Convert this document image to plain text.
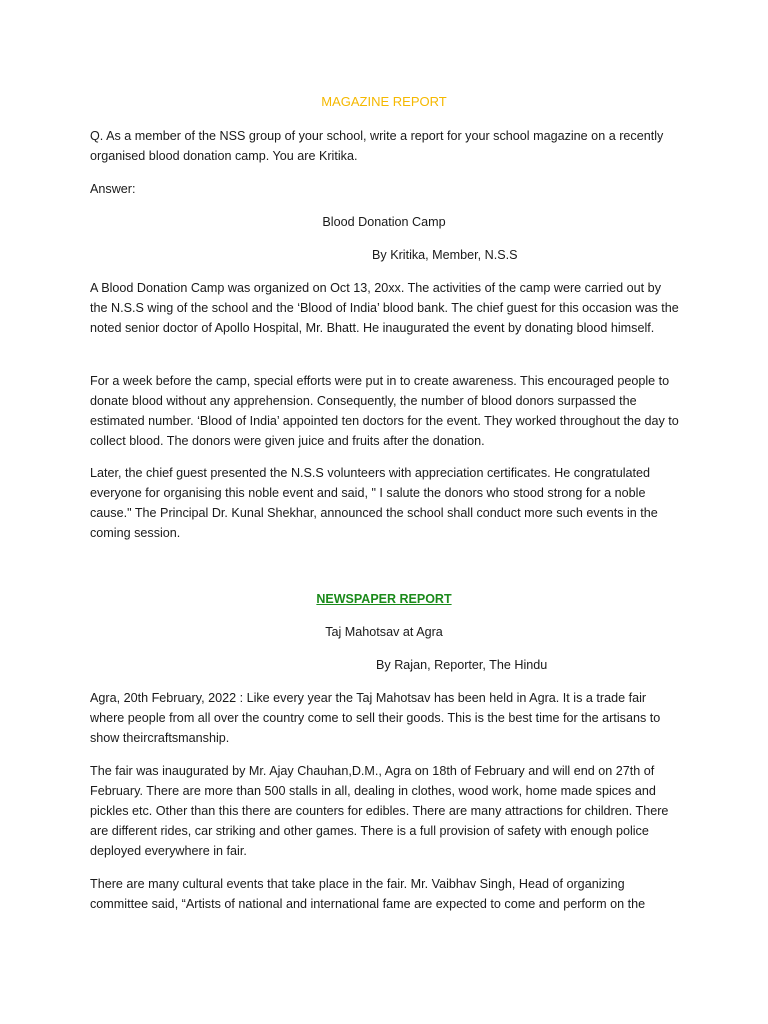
MAGAZINE REPORT

Q. As a member of the NSS group of your school, write a report for your school magazine on a recently organised blood donation camp. You are Kritika.

Answer:

Blood Donation Camp

By Kritika, Member, N.S.S

A Blood Donation Camp was organized on Oct 13, 20xx. The activities of the camp were carried out by the N.S.S wing of the school and the ‘Blood of India’ blood bank. The chief guest for this occasion was the noted senior doctor of Apollo Hospital, Mr. Bhatt. He inaugurated the event by donating blood himself.

For a week before the camp, special efforts were put in to create awareness. This encouraged people to donate blood without any apprehension. Consequently, the number of blood donors surpassed the estimated number. ‘Blood of India’ appointed ten doctors for the event. They worked throughout the day to collect blood. The donors were given juice and fruits after the donation.

Later, the chief guest presented the N.S.S volunteers with appreciation certificates. He congratulated everyone for organising this noble event and said, " I salute the donors who stood strong for a noble cause." The Principal Dr. Kunal Shekhar, announced the school shall conduct more such events in the coming session.

NEWSPAPER REPORT

Taj Mahotsav at Agra

By Rajan, Reporter, The Hindu

Agra, 20th February, 2022 : Like every year the Taj Mahotsav has been held in Agra. It is a trade fair where people from all over the country come to sell their goods. This is the best time for the artisans to show theircraftsmanship.

The fair was inaugurated by Mr. Ajay Chauhan,D.M., Agra on 18th of February and will end on 27th of February. There are more than 500 stalls in all, dealing in clothes, wood work, home made spices and pickles etc. Other than this there are counters for edibles. There are many attractions for children. There are different rides, car striking and other games. There is a full provision of safety with enough police deployed everywhere in fair.

There are many cultural events that take place in the fair. Mr. Vaibhav Singh, Head of organizing committee said, “Artists of national and international fame are expected to come and perform on the
